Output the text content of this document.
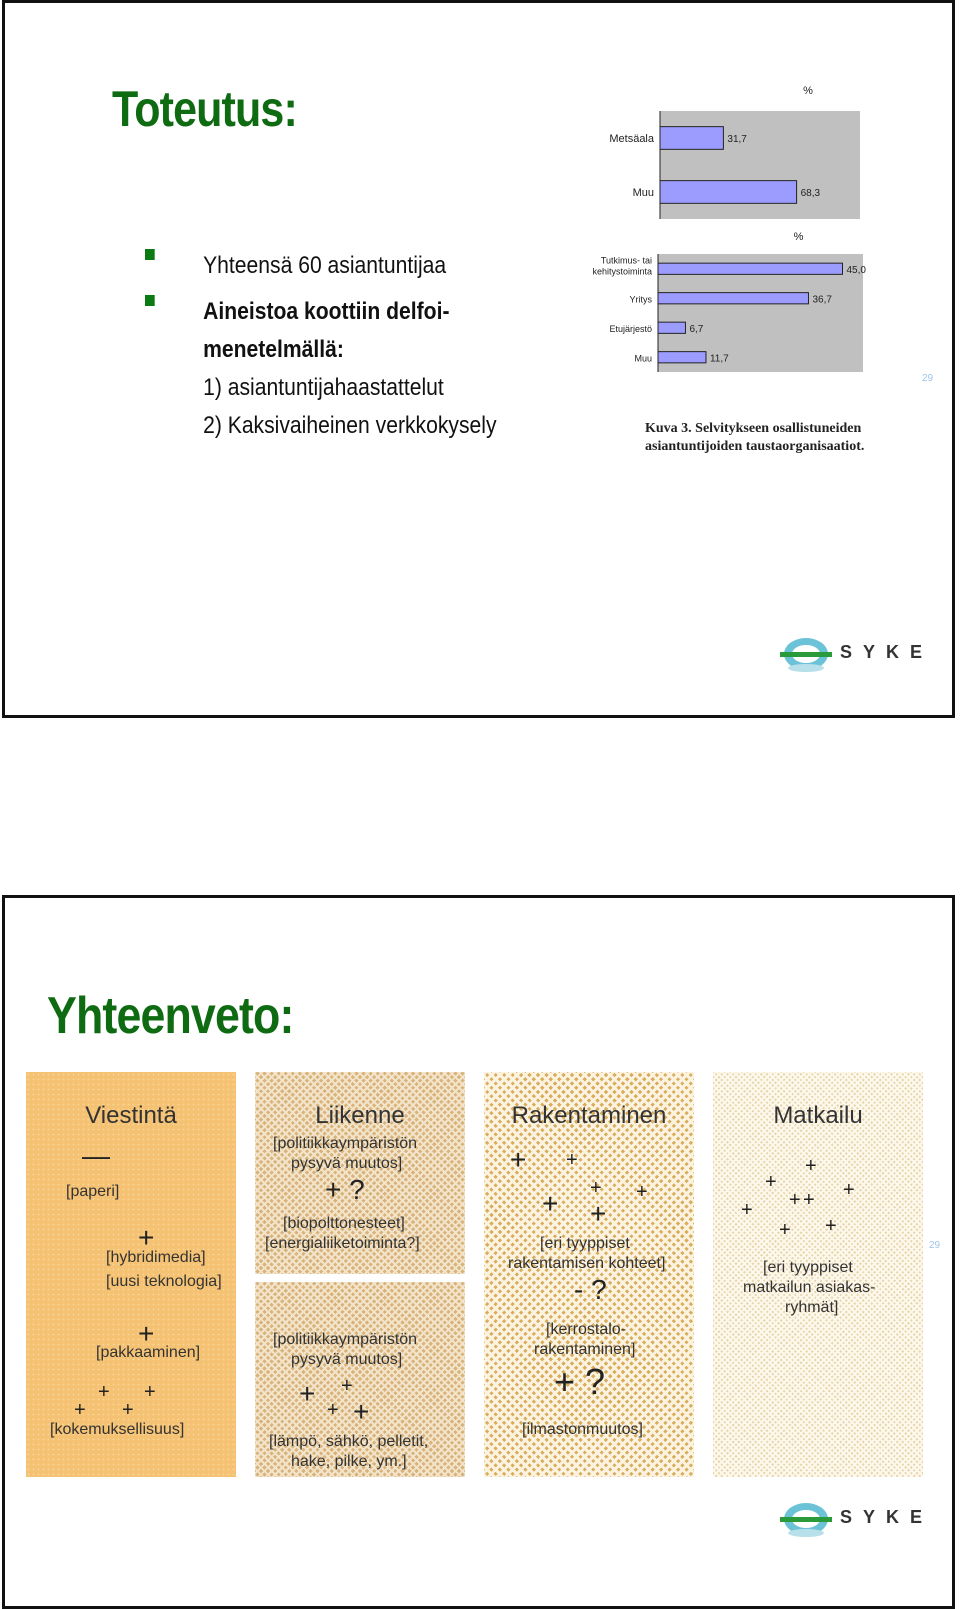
Toteutus:
Yhteensä 60 asiantuntijaa
Aineistoa koottiin delfoi-
menetelmällä:
1) asiantuntijahaastattelut
2) Kaksivaiheinen verkkokysely
%
31,7
Metsäala
68,3
Muu
%
45,0
Tutkimus- tai
kehitystoiminta
36,7
Yritys
6,7
Etujärjestö
11,7
Muu
Kuva 3. Selvitykseen osallistuneiden
asiantuntijoiden taustaorganisaatiot.
29
SYKE
Yhteenveto:
Viestintä
—
[paperi]
+
[hybridimedia]
[uusi teknologia]
+
[pakkaaminen]
+ +
+ +
[kokemuksellisuus]
Liikenne
[politiikkaympäristön
pysyvä muutos]
+ ?
[biopolttonesteet]
[energialiiketoiminta?]
[politiikkaympäristön
pysyvä muutos]
+ +
+ +
[lämpö, sähkö, pelletit,
hake, pilke, ym.]
Rakentaminen
+ +
+ +
+ +
[eri tyyppiset
rakentamisen kohteet]
- ?
[kerrostalo-
rakentaminen]
+ ?
[ilmastonmuutos]
Matkailu
+
+	+
+ +
+
+ +
[eri tyyppiset
matkailun asiakas-
ryhmät]
29
SYKE
